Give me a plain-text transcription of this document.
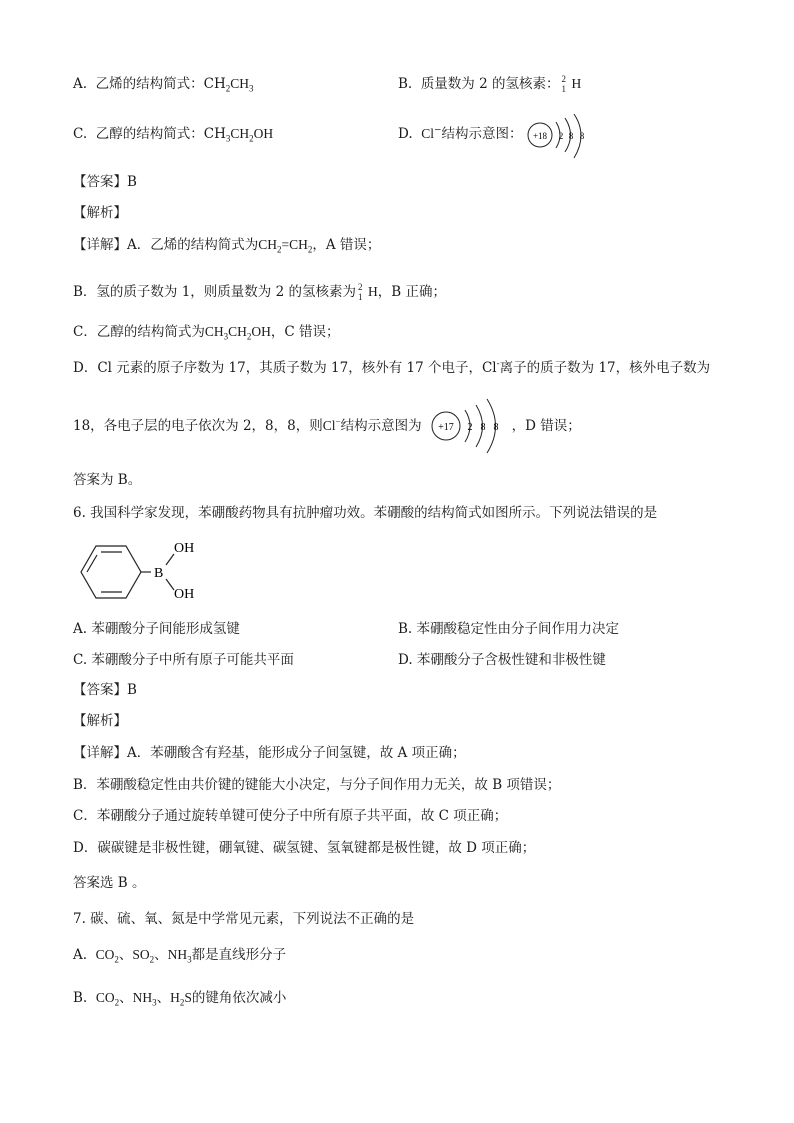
A. 乙烯的结构简式：$CH_2CH_3$	B. 质量数为 2 的氢核素： 2
1 H
C. 乙醇的结构简式：$CH_3CH_2OH$	D. Cl−结构示意图： +18 2 8 8
【答案】B
【解析】
【详解】A．乙烯的结构简式为$CH_2=CH_2$，A 错误；
B．氢的质子数为 1，则质量数为 2 的氢核素为 2
1 H，B 正确；
C．乙醇的结构简式为$CH_3CH_2OH$，C 错误；
D．Cl 元素的原子序数为 17，其质子数为 17，核外有 17 个电子，Cl-离子的质子数为 17，核外电子数为
18，各电子层的电子依次为 2，8，8，则Cl−结构示意图为	，D 错误；
+17 2 8 8
答案为 B。
6. 我国科学家发现，苯硼酸药物具有抗肿瘤功效。苯硼酸的结构简式如图所示。下列说法错误的是
B
OH
OH
A. 苯硼酸分子间能形成氢键	B. 苯硼酸稳定性由分子间作用力决定
C. 苯硼酸分子中所有原子可能共平面	D. 苯硼酸分子含极性键和非极性键
【答案】B
【解析】
【详解】A．苯硼酸含有羟基，能形成分子间氢键，故 A 项正确；
B．苯硼酸稳定性由共价键的键能大小决定，与分子间作用力无关，故 B 项错误；
C．苯硼酸分子通过旋转单键可使分子中所有原子共平面，故 C 项正确；
D．碳碳键是非极性键，硼氧键、碳氢键、氢氧键都是极性键，故 D 项正确；
答案选 B 。
7. 碳、硫、氧、氮是中学常见元素，下列说法不正确的是
A. $CO_2$、$SO_2$、$NH_3$都是直线形分子
B. $CO_2$、$NH_3$、$H_2S$的键角依次减小
